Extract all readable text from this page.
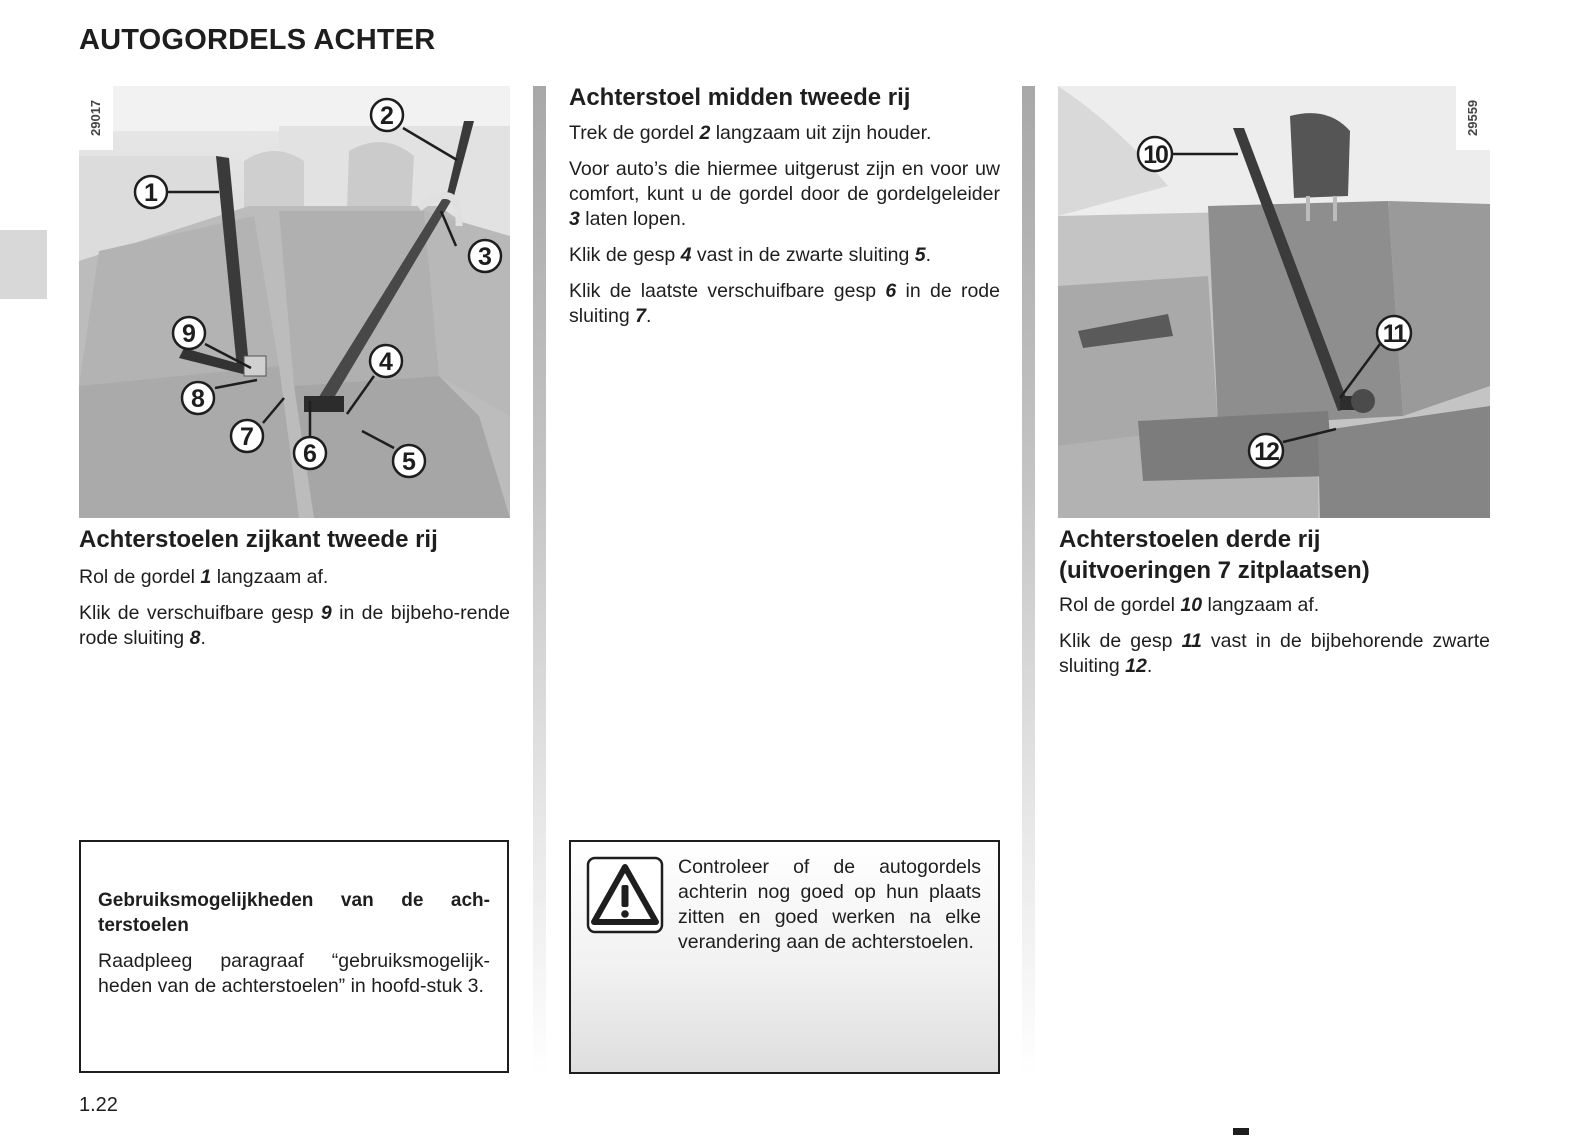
AUTOGORDELS ACHTER
29017
1
2
3
4
5
6
7
8
9
Achterstoel midden tweede rij

Trek de gordel 2 langzaam uit zijn houder.

Voor auto’s die hiermee uitgerust zijn en voor uw comfort, kunt u de gordel door de gordelgeleider 3 laten lopen.

Klik de gesp 4 vast in de zwarte sluiting 5.

Klik de laatste verschuifbare gesp 6 in de rode sluiting 7.

29559
10
11
12
Achterstoelen zijkant tweede rij

Rol de gordel 1 langzaam af.

Klik de verschuifbare gesp 9 in de bijbeho-rende rode sluiting 8.

Achterstoelen derde rij
(uitvoeringen 7 zitplaatsen)

Rol de gordel 10 langzaam af.

Klik de gesp 11 vast in de bijbehorende zwarte sluiting 12.

Gebruiksmogelijkheden van de ach-terstoelen

Raadpleeg paragraaf “gebruiksmogelijk-heden van de achterstoelen” in hoofd-stuk 3.

Controleer of de autogordels achterin nog goed op hun plaats zitten en goed werken na elke verandering aan de achterstoelen.

1.22
